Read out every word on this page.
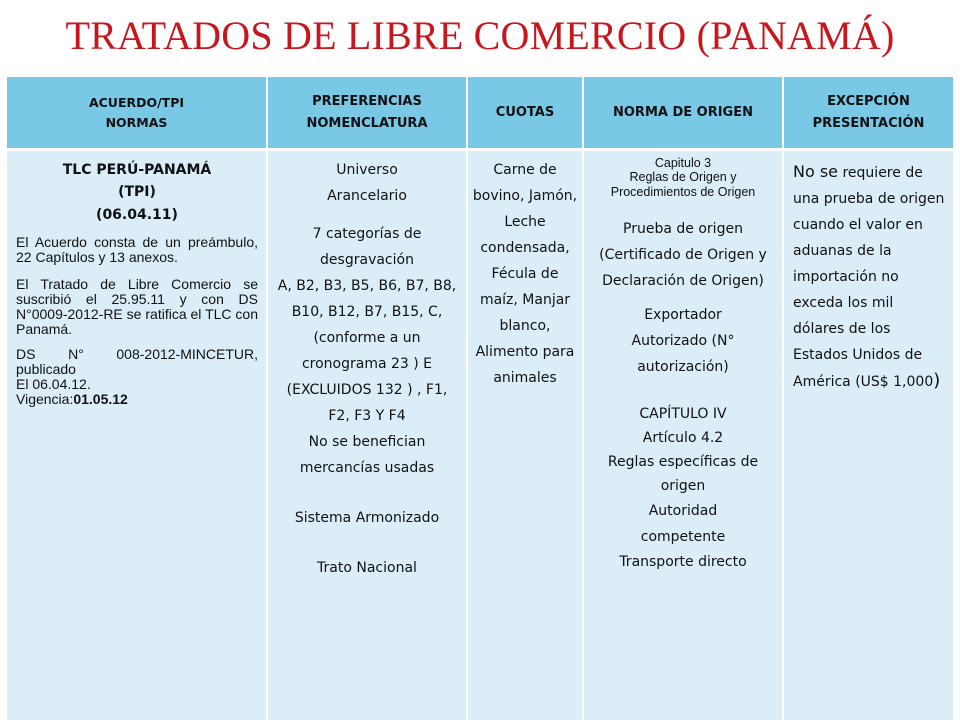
TRATADOS DE LIBRE COMERCIO (PANAMÁ)
ACUERDO/TPI
NORMAS
PREFERENCIAS
NOMENCLATURA
CUOTAS	NORMA DE ORIGEN
EXCEPCIÓN
PRESENTACIÓN

TLC PERÚ-PANAMÁ

(TPI)

(06.04.11)

El Acuerdo consta de un preámbulo, 22 Capítulos y 13 anexos.

El Tratado de Libre Comercio se suscribió el 25.95.11 y con DS N°0009-2012-RE se ratifica el TLC con Panamá.

DS N° 008-2012-MINCETUR, publicado

El 06.04.12.

Vigencia:01.05.12

Universo Arancelario

7 categorías de desgravación

A, B2, B3, B5, B6, B7, B8, B10, B12, B7, B15, C, (conforme a un cronograma 23 ) E (EXCLUIDOS 132 ) , F1, F2, F3 Y F4

No se benefician mercancías usadas

Sistema Armonizado

Trato Nacional

Carne de bovino, Jamón, Leche condensada, Fécula de maíz, Manjar blanco, Alimento para animales

Capitulo 3

Reglas de Origen y Procedimientos de Origen

Prueba de origen (Certificado de Origen y Declaración de Origen)

Exportador Autorizado (N° autorización)

CAPÍTULO IV

Artículo 4.2

Reglas específicas de origen

Autoridad competente

Transporte directo

No se requiere de una prueba de origen cuando el valor en aduanas de la importación no exceda los mil dólares de los Estados Unidos de América (US$ 1,000)
